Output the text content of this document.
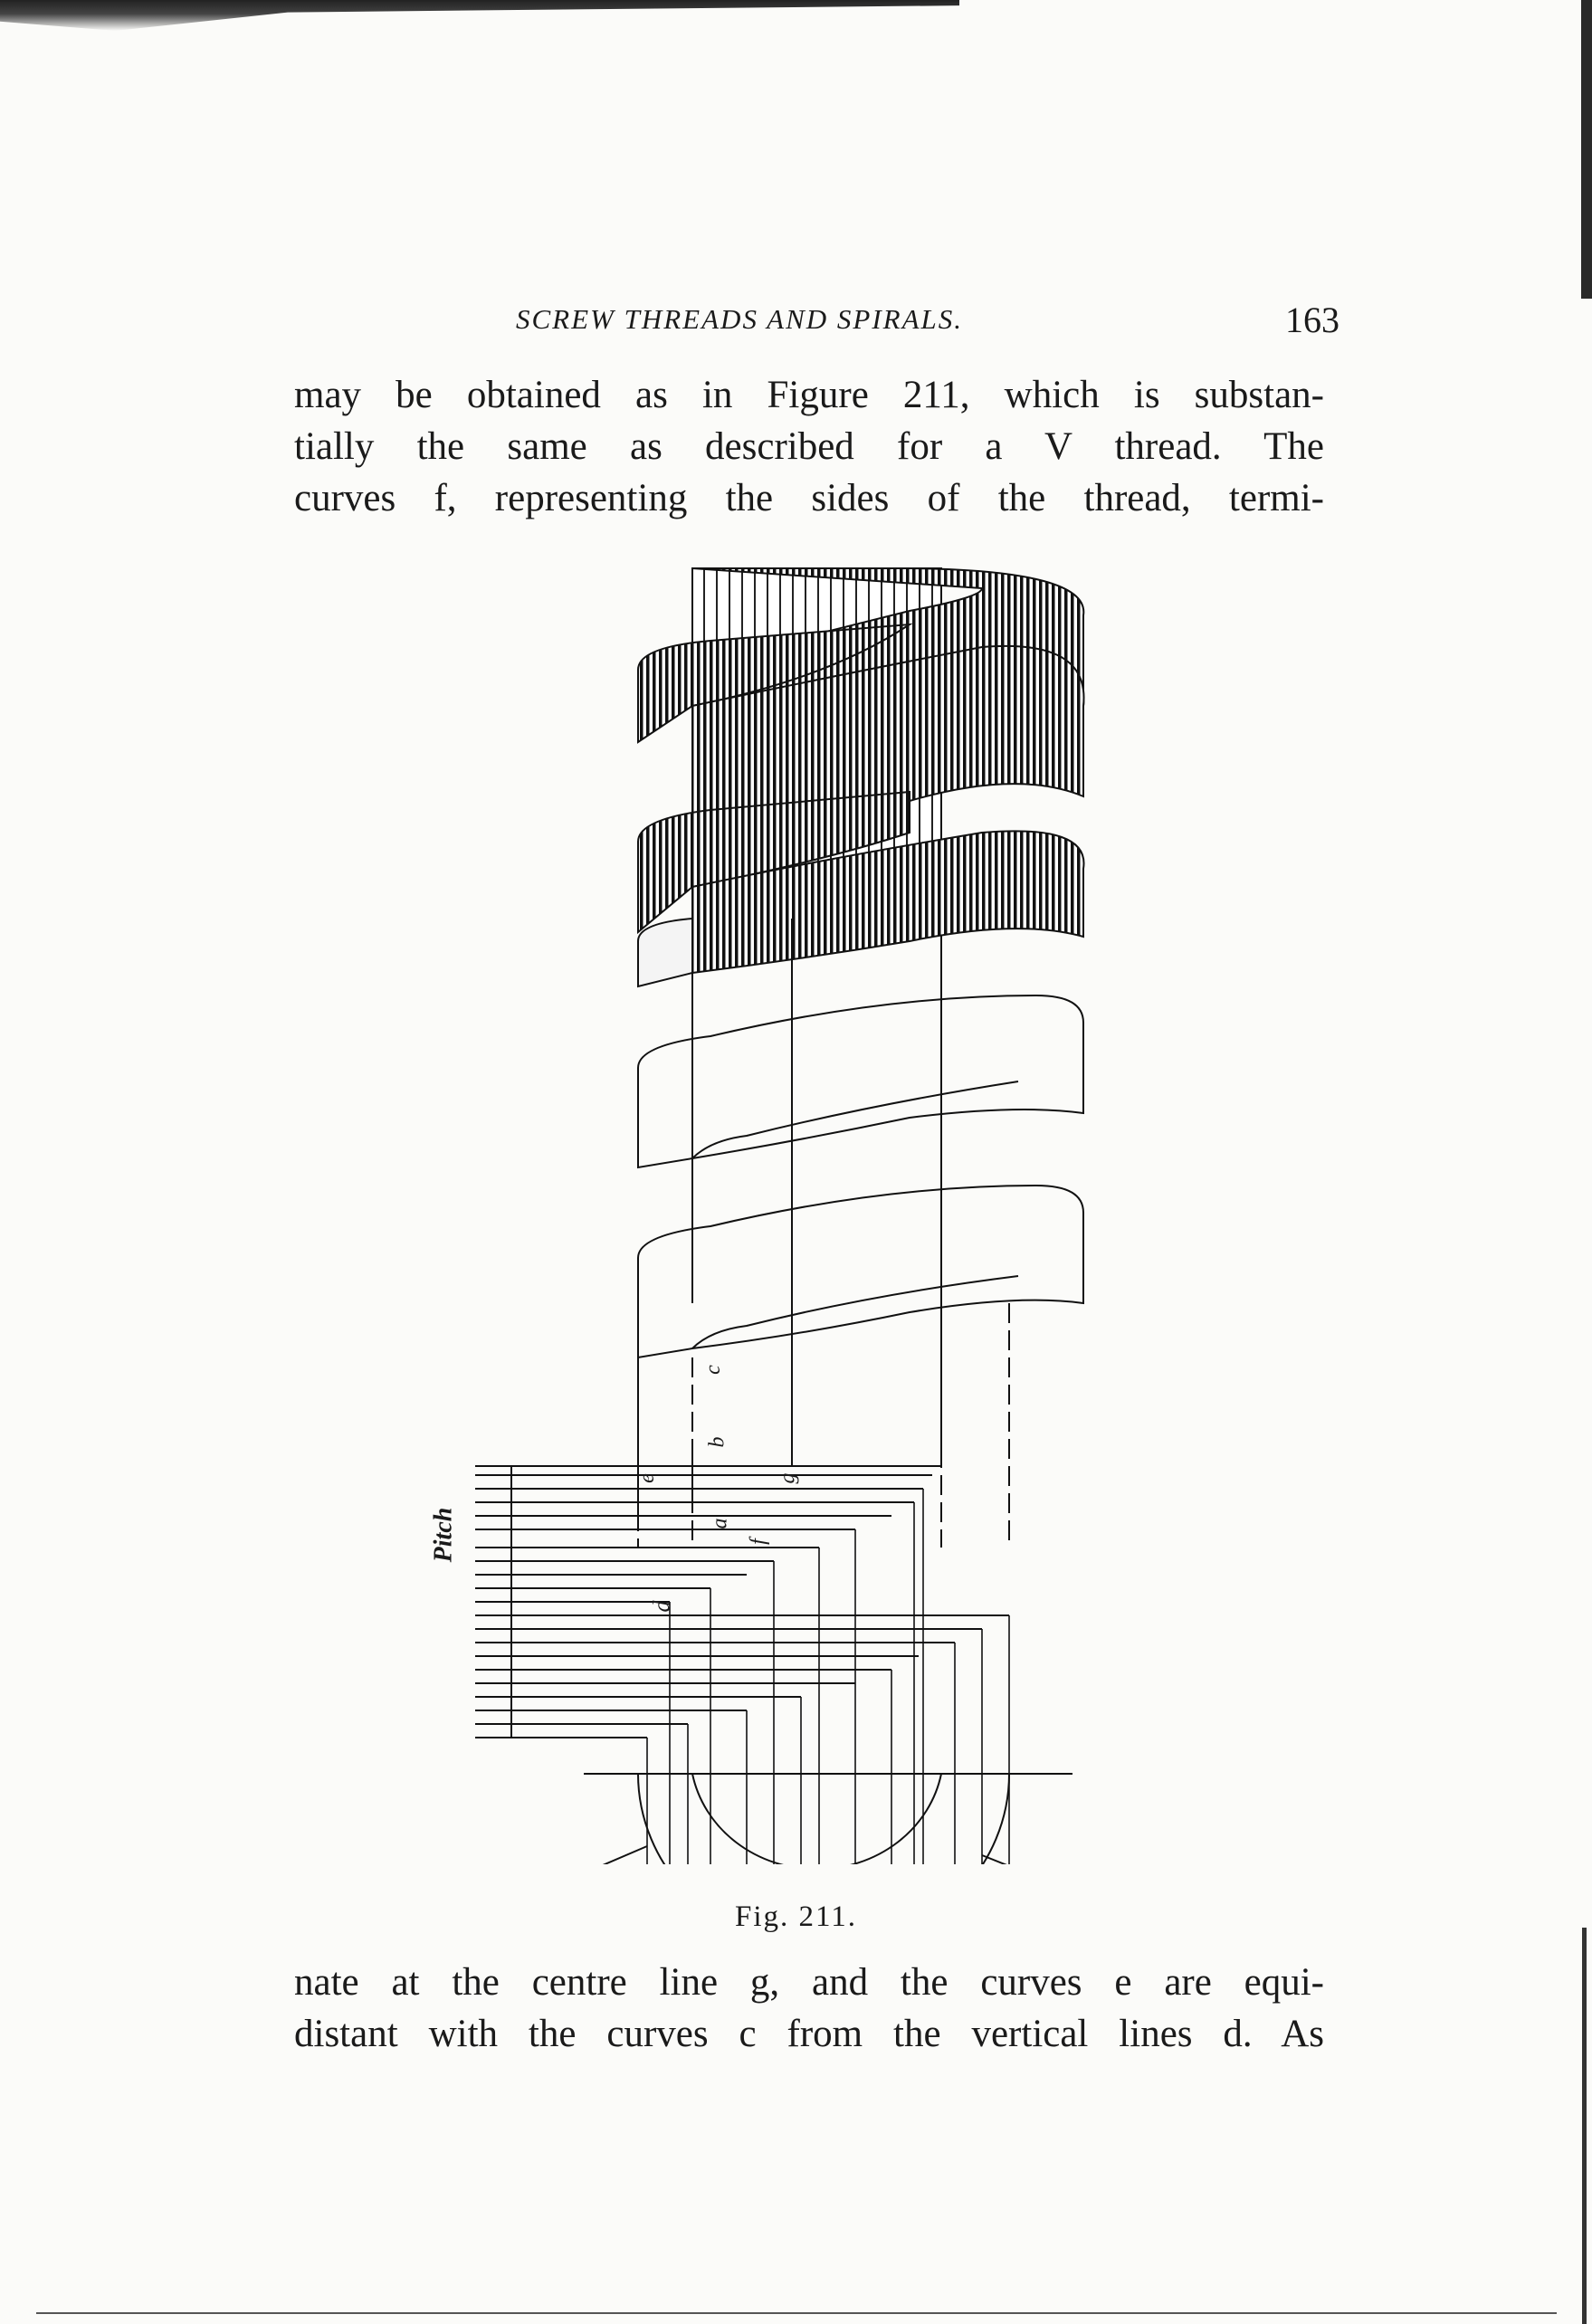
SCREW THREADS AND SPIRALS.	163
may be obtained as in Figure 211, which is substan-
tially the same as described for a V thread. The
curves f, representing the sides of the thread, termi-
Pitch
e
d
a
b
c
f
g
Fig. 211.
nate at the centre line g, and the curves e are equi-
distant with the curves c from the vertical lines d. As
